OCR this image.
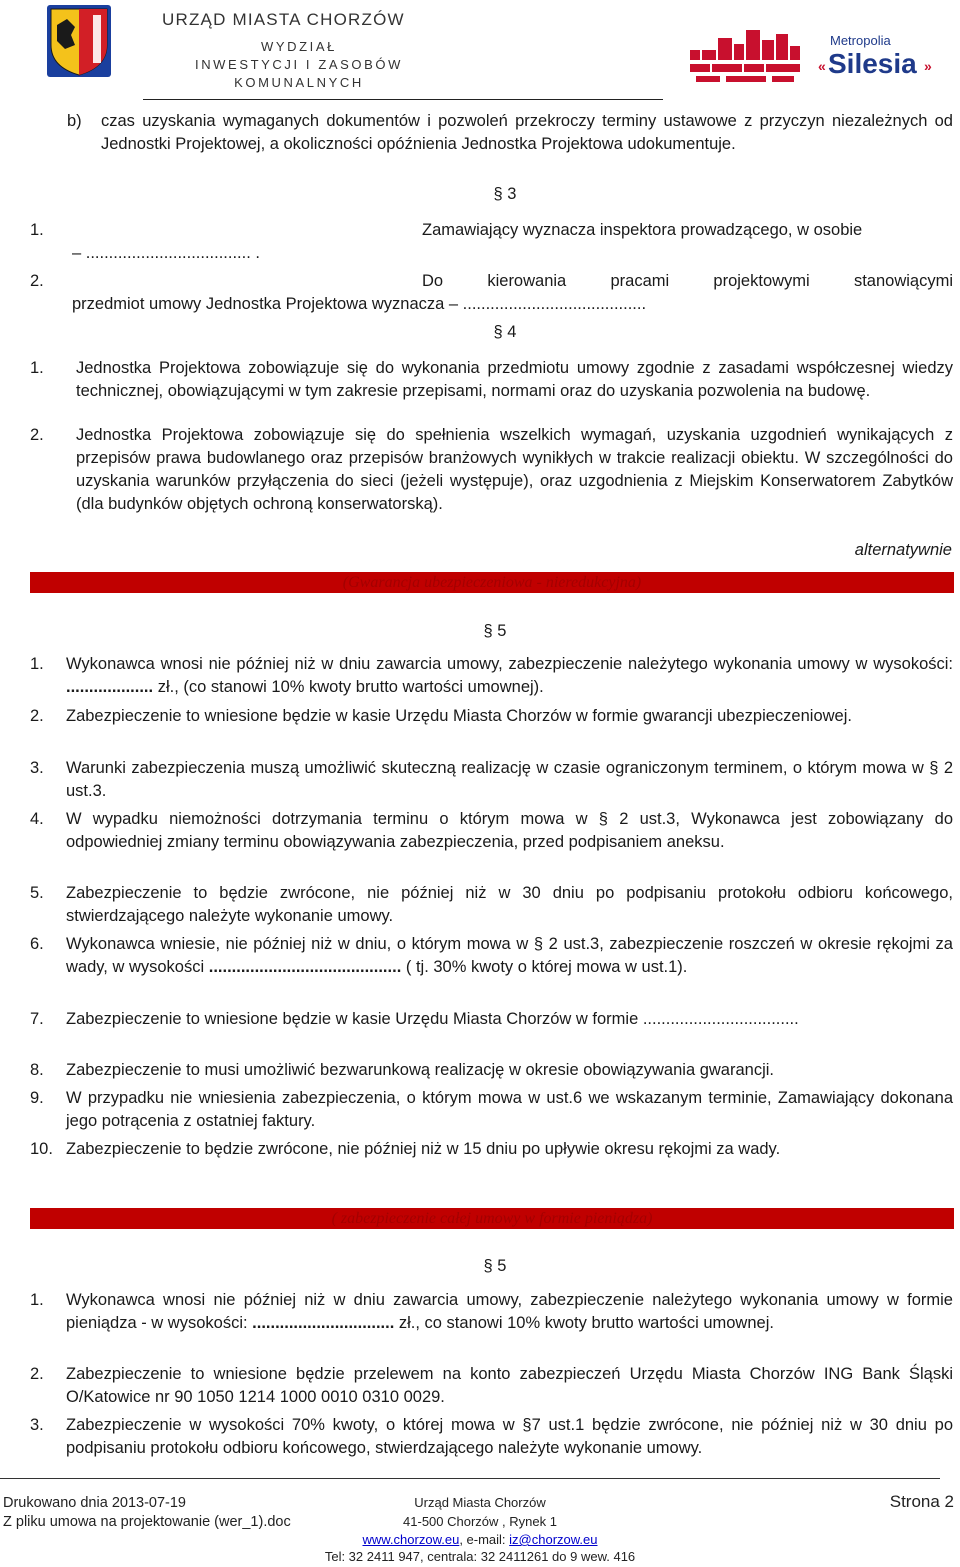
URZĄD MIASTA CHORZÓW
WYDZIAŁ
INWESTYCJI I ZASOBÓW
KOMUNALNYCH
Metropolia
« Silesia »
b) czas uzyskania wymaganych dokumentów i pozwoleń przekroczy terminy ustawowe z przyczyn niezależnych od Jednostki Projektowej, a okoliczności opóźnienia Jednostka Projektowa udokumentuje.
§ 3
1.	Zamawiający wyznacza inspektora prowadzącego, w osobie
– .................................... .
2.	Do kierowania pracami projektowymi stanowiącymi
przedmiot umowy Jednostka Projektowa wyznacza – ........................................
§ 4
1. Jednostka Projektowa zobowiązuje się do wykonania przedmiotu umowy zgodnie z zasadami współczesnej wiedzy technicznej, obowiązującymi w tym zakresie przepisami, normami oraz do uzyskania pozwolenia na budowę.
2. Jednostka Projektowa zobowiązuje się do spełnienia wszelkich wymagań, uzyskania uzgodnień wynikających z przepisów prawa budowlanego oraz przepisów branżowych wynikłych w trakcie realizacji obiektu. W szczególności do uzyskania warunków przyłączenia do sieci (jeżeli występuje), oraz uzgodnienia z Miejskim Konserwatorem Zabytków (dla budynków objętych ochroną konserwatorską).
alternatywnie
(Gwarancja ubezpieczeniowa - nieredukcyjna)
§ 5
1. Wykonawca wnosi nie później niż w dniu zawarcia umowy, zabezpieczenie należytego wykonania umowy w wysokości: ................... zł., (co stanowi 10% kwoty brutto wartości umownej).
2. Zabezpieczenie to wniesione będzie w kasie Urzędu Miasta Chorzów w formie gwarancji ubezpieczeniowej.
3. Warunki zabezpieczenia muszą umożliwić skuteczną realizację w czasie ograniczonym terminem, o którym mowa w § 2 ust.3.
4. W wypadku niemożności dotrzymania terminu o którym mowa w § 2 ust.3, Wykonawca jest zobowiązany do odpowiedniej zmiany terminu obowiązywania zabezpieczenia, przed podpisaniem aneksu.
5. Zabezpieczenie to będzie zwrócone, nie później niż w 30 dniu po podpisaniu protokołu odbioru końcowego, stwierdzającego należyte wykonanie umowy.
6. Wykonawca wniesie, nie później niż w dniu, o którym mowa w § 2 ust.3, zabezpieczenie roszczeń w okresie rękojmi za wady, w wysokości .......................................... ( tj. 30% kwoty o której mowa w ust.1).
7. Zabezpieczenie to wniesione będzie w kasie Urzędu Miasta Chorzów w formie ..................................
8. Zabezpieczenie to musi umożliwić bezwarunkową realizację w okresie obowiązywania gwarancji.
9. W przypadku nie wniesienia zabezpieczenia, o którym mowa w ust.6 we wskazanym terminie, Zamawiający dokonana jego potrącenia z ostatniej faktury.
10. Zabezpieczenie to będzie zwrócone, nie później niż w 15 dniu po upływie okresu rękojmi za wady.
( zabezpieczenie całej umowy w formie pieniądza)
§ 5
1. Wykonawca wnosi nie później niż w dniu zawarcia umowy, zabezpieczenie należytego wykonania umowy w formie pieniądza - w wysokości: ............................... zł., co stanowi 10% kwoty brutto wartości umownej.
2. Zabezpieczenie to wniesione będzie przelewem na konto zabezpieczeń Urzędu Miasta Chorzów ING Bank Śląski O/Katowice nr 90 1050 1214 1000 0010 0310 0029.
3. Zabezpieczenie w wysokości 70% kwoty, o której mowa w §7 ust.1 będzie zwrócone, nie później niż w 30 dniu po podpisaniu protokołu odbioru końcowego, stwierdzającego należyte wykonanie umowy.
Drukowano dnia 2013-07-19
Z pliku umowa na projektowanie (wer_1).doc
Urząd Miasta Chorzów
41-500 Chorzów , Rynek 1
www.chorzow.eu, e-mail: iz@chorzow.eu
Tel: 32 2411 947, centrala: 32 2411261 do 9 wew. 416
Strona 2
